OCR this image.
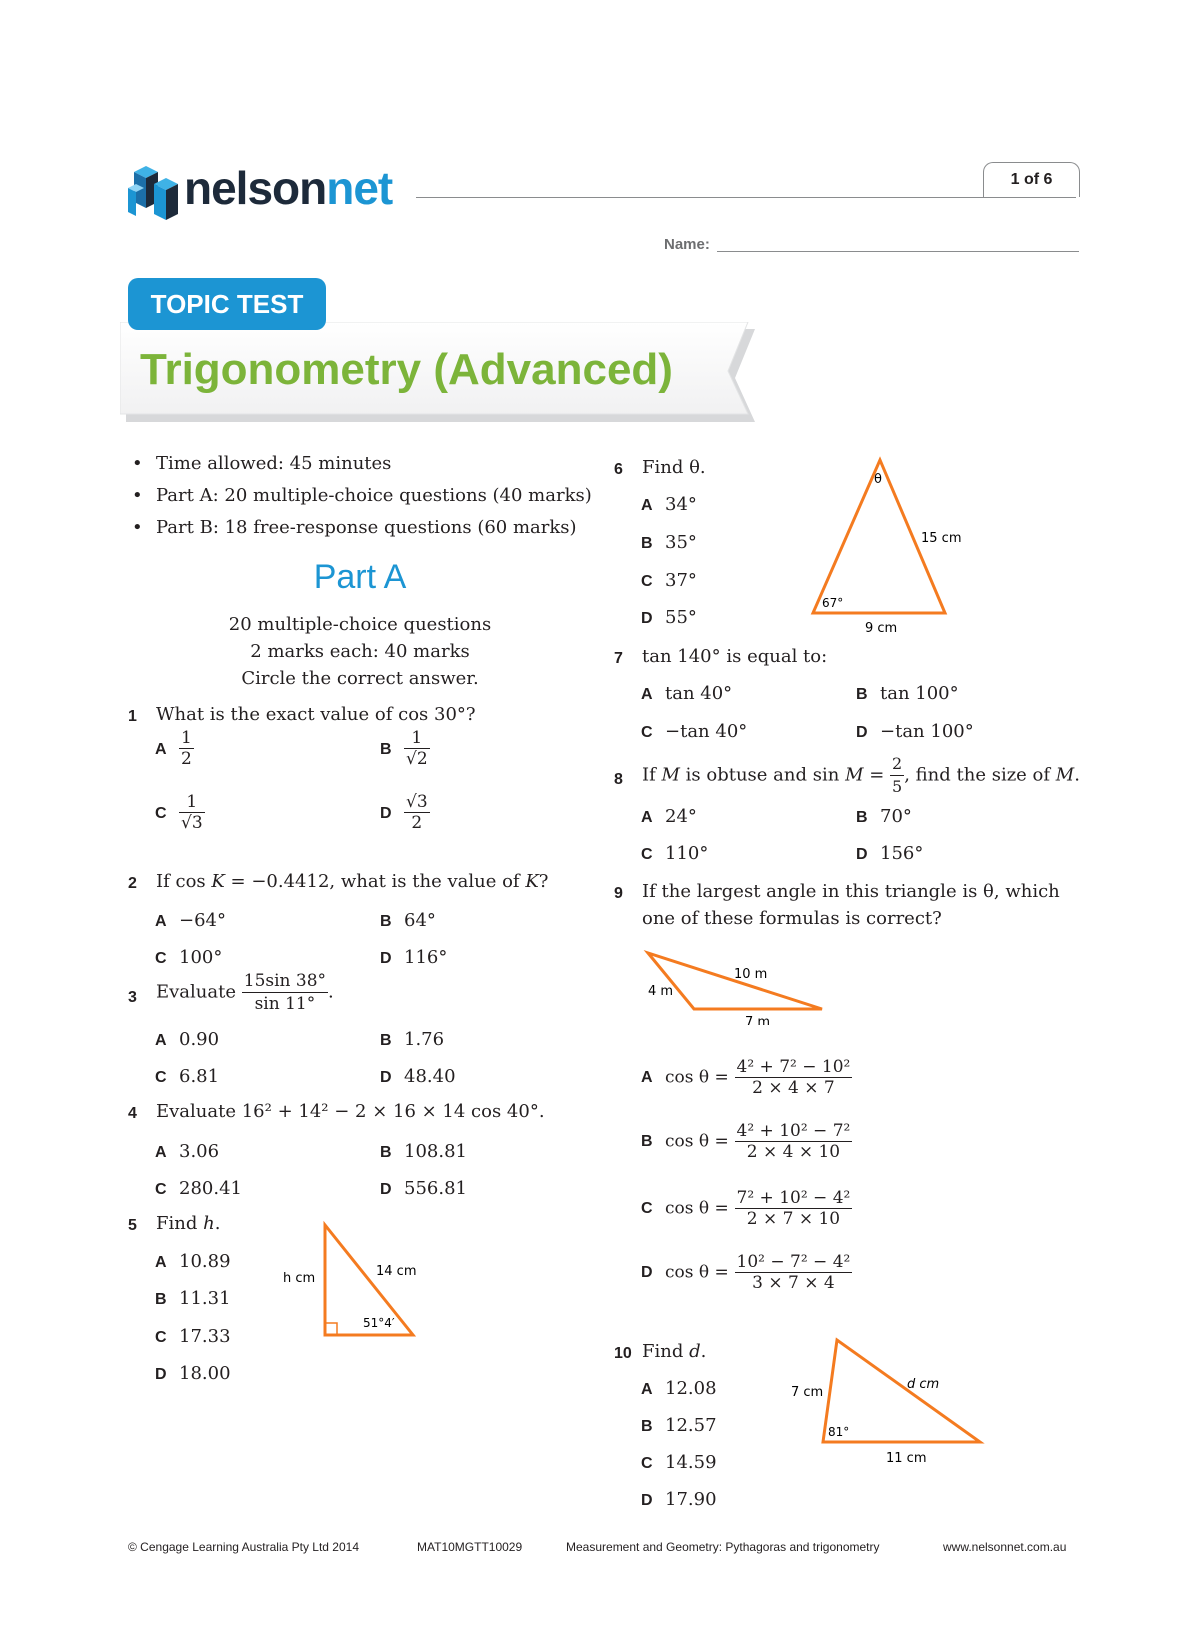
nelsonnet	1 of 6
Name:
TOPIC TEST
Trigonometry (Advanced)
• Time allowed: 45 minutes
• Part A: 20 multiple-choice questions (40 marks)
• Part B: 18 free-response questions (60 marks)
Part A
20 multiple-choice questions
2 marks each: 40 marks
Circle the correct answer.
1 What is the exact value of cos 30°?
A $\frac{1}{2}$	B $\frac{1}{√2}$
C $\frac{1}{√3}$	D $\frac{√3}{2}$
2 If cos K = −0.4412, what is the value of K?
A −64°	B 64°
C 100°	D 116°
3 Evaluate $\frac{15\sin 38^\circ}{\sin 11^\circ}$ .
A 0.90	B 1.76
C 6.81	D 48.40
4 Evaluate 16² + 14² − 2 × 16 × 14 cos 40°.
A 3.06	B 108.81
C 280.41	D 556.81
5 Find h.
A 10.89
B 11.31
C 17.33
D 18.00
h cm	14 cm
51°4′
6 Find θ.
A 34°
B 35°
C 37°
D 55°
θ
15 cm
9 cm
67°
7 tan 140° is equal to:
A tan 40°	B tan 100°
C −tan 40°	D −tan 100°
8 If M is obtuse and $\sin M = \frac{2}{5}$ , find the size of M.
A 24°	B 70°
C 110°	D 156°
9 If the largest angle in this triangle is θ, which
one of these formulas is correct?
10 m
4 m
7 m
A $\cos \theta = \frac{\text{4² + 7² − 10²}}{2 \times 4 \times 7}$
B $\cos \theta = \frac{\text{4² + 10² − 7²}}{2 \times 4 \times 10}$
C $\cos \theta = \frac{\text{7² + 10² − 4²}}{2 \times 7 \times 10}$
D $\cos \theta = \frac{\text{10² − 7² − 4²}}{3 \times 7 \times 4}$
10 Find d.
A 12.08
B 12.57
C 14.59
D 17.90
7 cm
d cm
11 cm
81°
© Cengage Learning Australia Pty Ltd 2014	MAT10MGTT10029	Measurement and Geometry: Pythagoras and trigonometry	www.nelsonnet.com.au
